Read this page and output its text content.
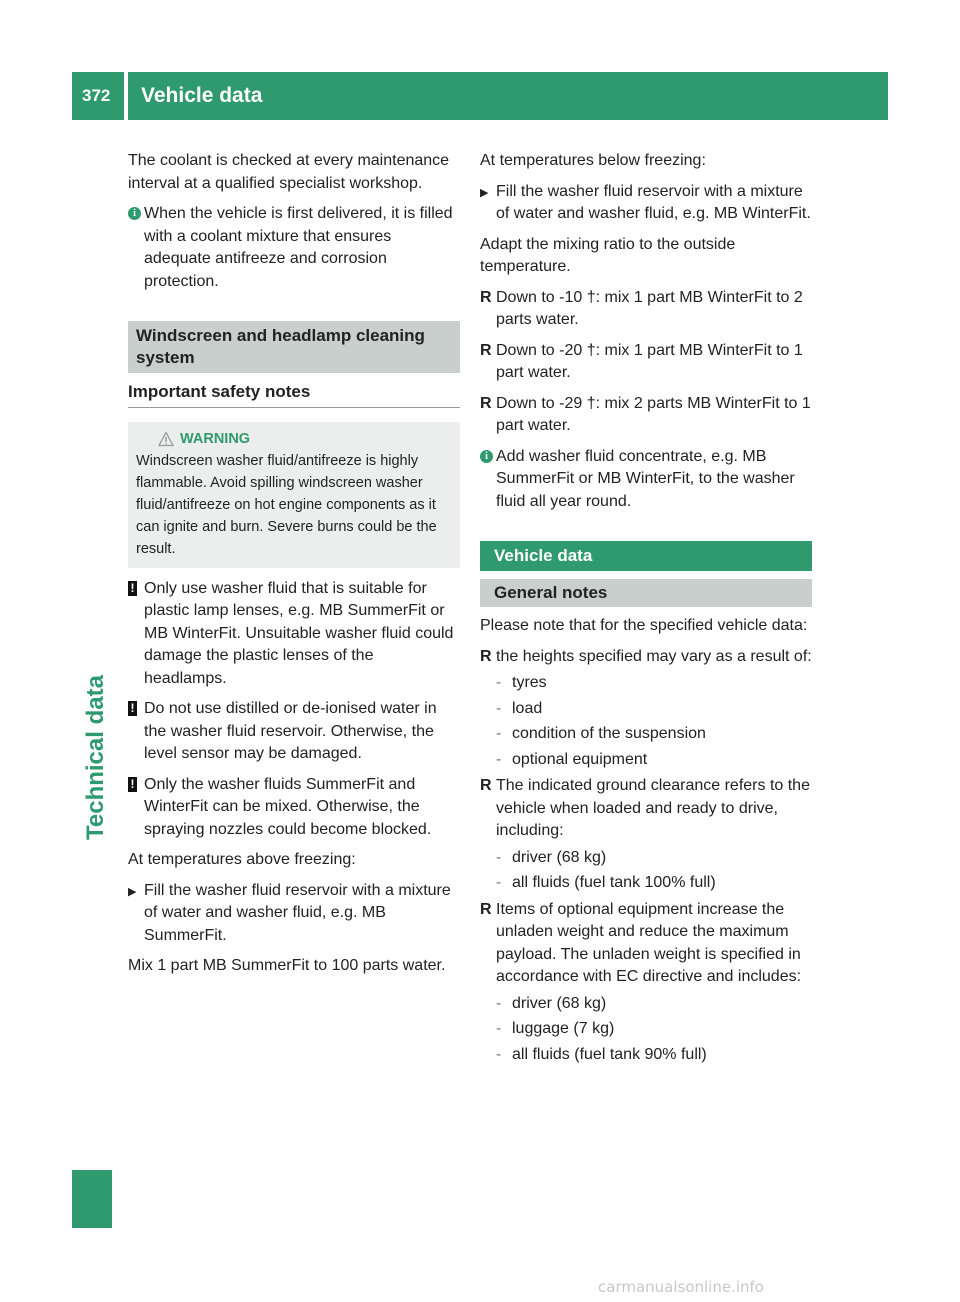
372	Vehicle data
Technical data

The coolant is checked at every maintenance interval at a qualified specialist workshop.

i When the vehicle is first delivered, it is filled with a coolant mixture that ensures adequate antifreeze and corrosion protection.
Windscreen and headlamp cleaning system
Important safety notes
WARNING
Windscreen washer fluid/antifreeze is highly flammable. Avoid spilling windscreen washer fluid/antifreeze on hot engine components as it can ignite and burn. Severe burns could be the result.
! Only use washer fluid that is suitable for plastic lamp lenses, e.g. MB SummerFit or MB WinterFit. Unsuitable washer fluid could damage the plastic lenses of the headlamps.
! Do not use distilled or de-ionised water in the washer fluid reservoir. Otherwise, the level sensor may be damaged.
! Only the washer fluids SummerFit and WinterFit can be mixed. Otherwise, the spraying nozzles could become blocked.

At temperatures above freezing:

▶ Fill the washer fluid reservoir with a mixture of water and washer fluid, e.g. MB SummerFit.

Mix 1 part MB SummerFit to 100 parts water.

At temperatures below freezing:

▶ Fill the washer fluid reservoir with a mixture of water and washer fluid, e.g. MB WinterFit.

Adapt the mixing ratio to the outside temperature.

R Down to -10 †: mix 1 part MB WinterFit to 2 parts water.
R Down to -20 †: mix 1 part MB WinterFit to 1 part water.
R Down to -29 †: mix 2 parts MB WinterFit to 1 part water.
i Add washer fluid concentrate, e.g. MB SummerFit or MB WinterFit, to the washer fluid all year round.
Vehicle data
General notes

Please note that for the specified vehicle data:

R the heights specified may vary as a result of:
- tyres
- load
- condition of the suspension
- optional equipment
R The indicated ground clearance refers to the vehicle when loaded and ready to drive, including:
- driver (68 kg)
- all fluids (fuel tank 100% full)
R Items of optional equipment increase the unladen weight and reduce the maximum payload. The unladen weight is specified in accordance with EC directive and includes:
- driver (68 kg)
- luggage (7 kg)
- all fluids (fuel tank 90% full)
carmanualsonline.info
